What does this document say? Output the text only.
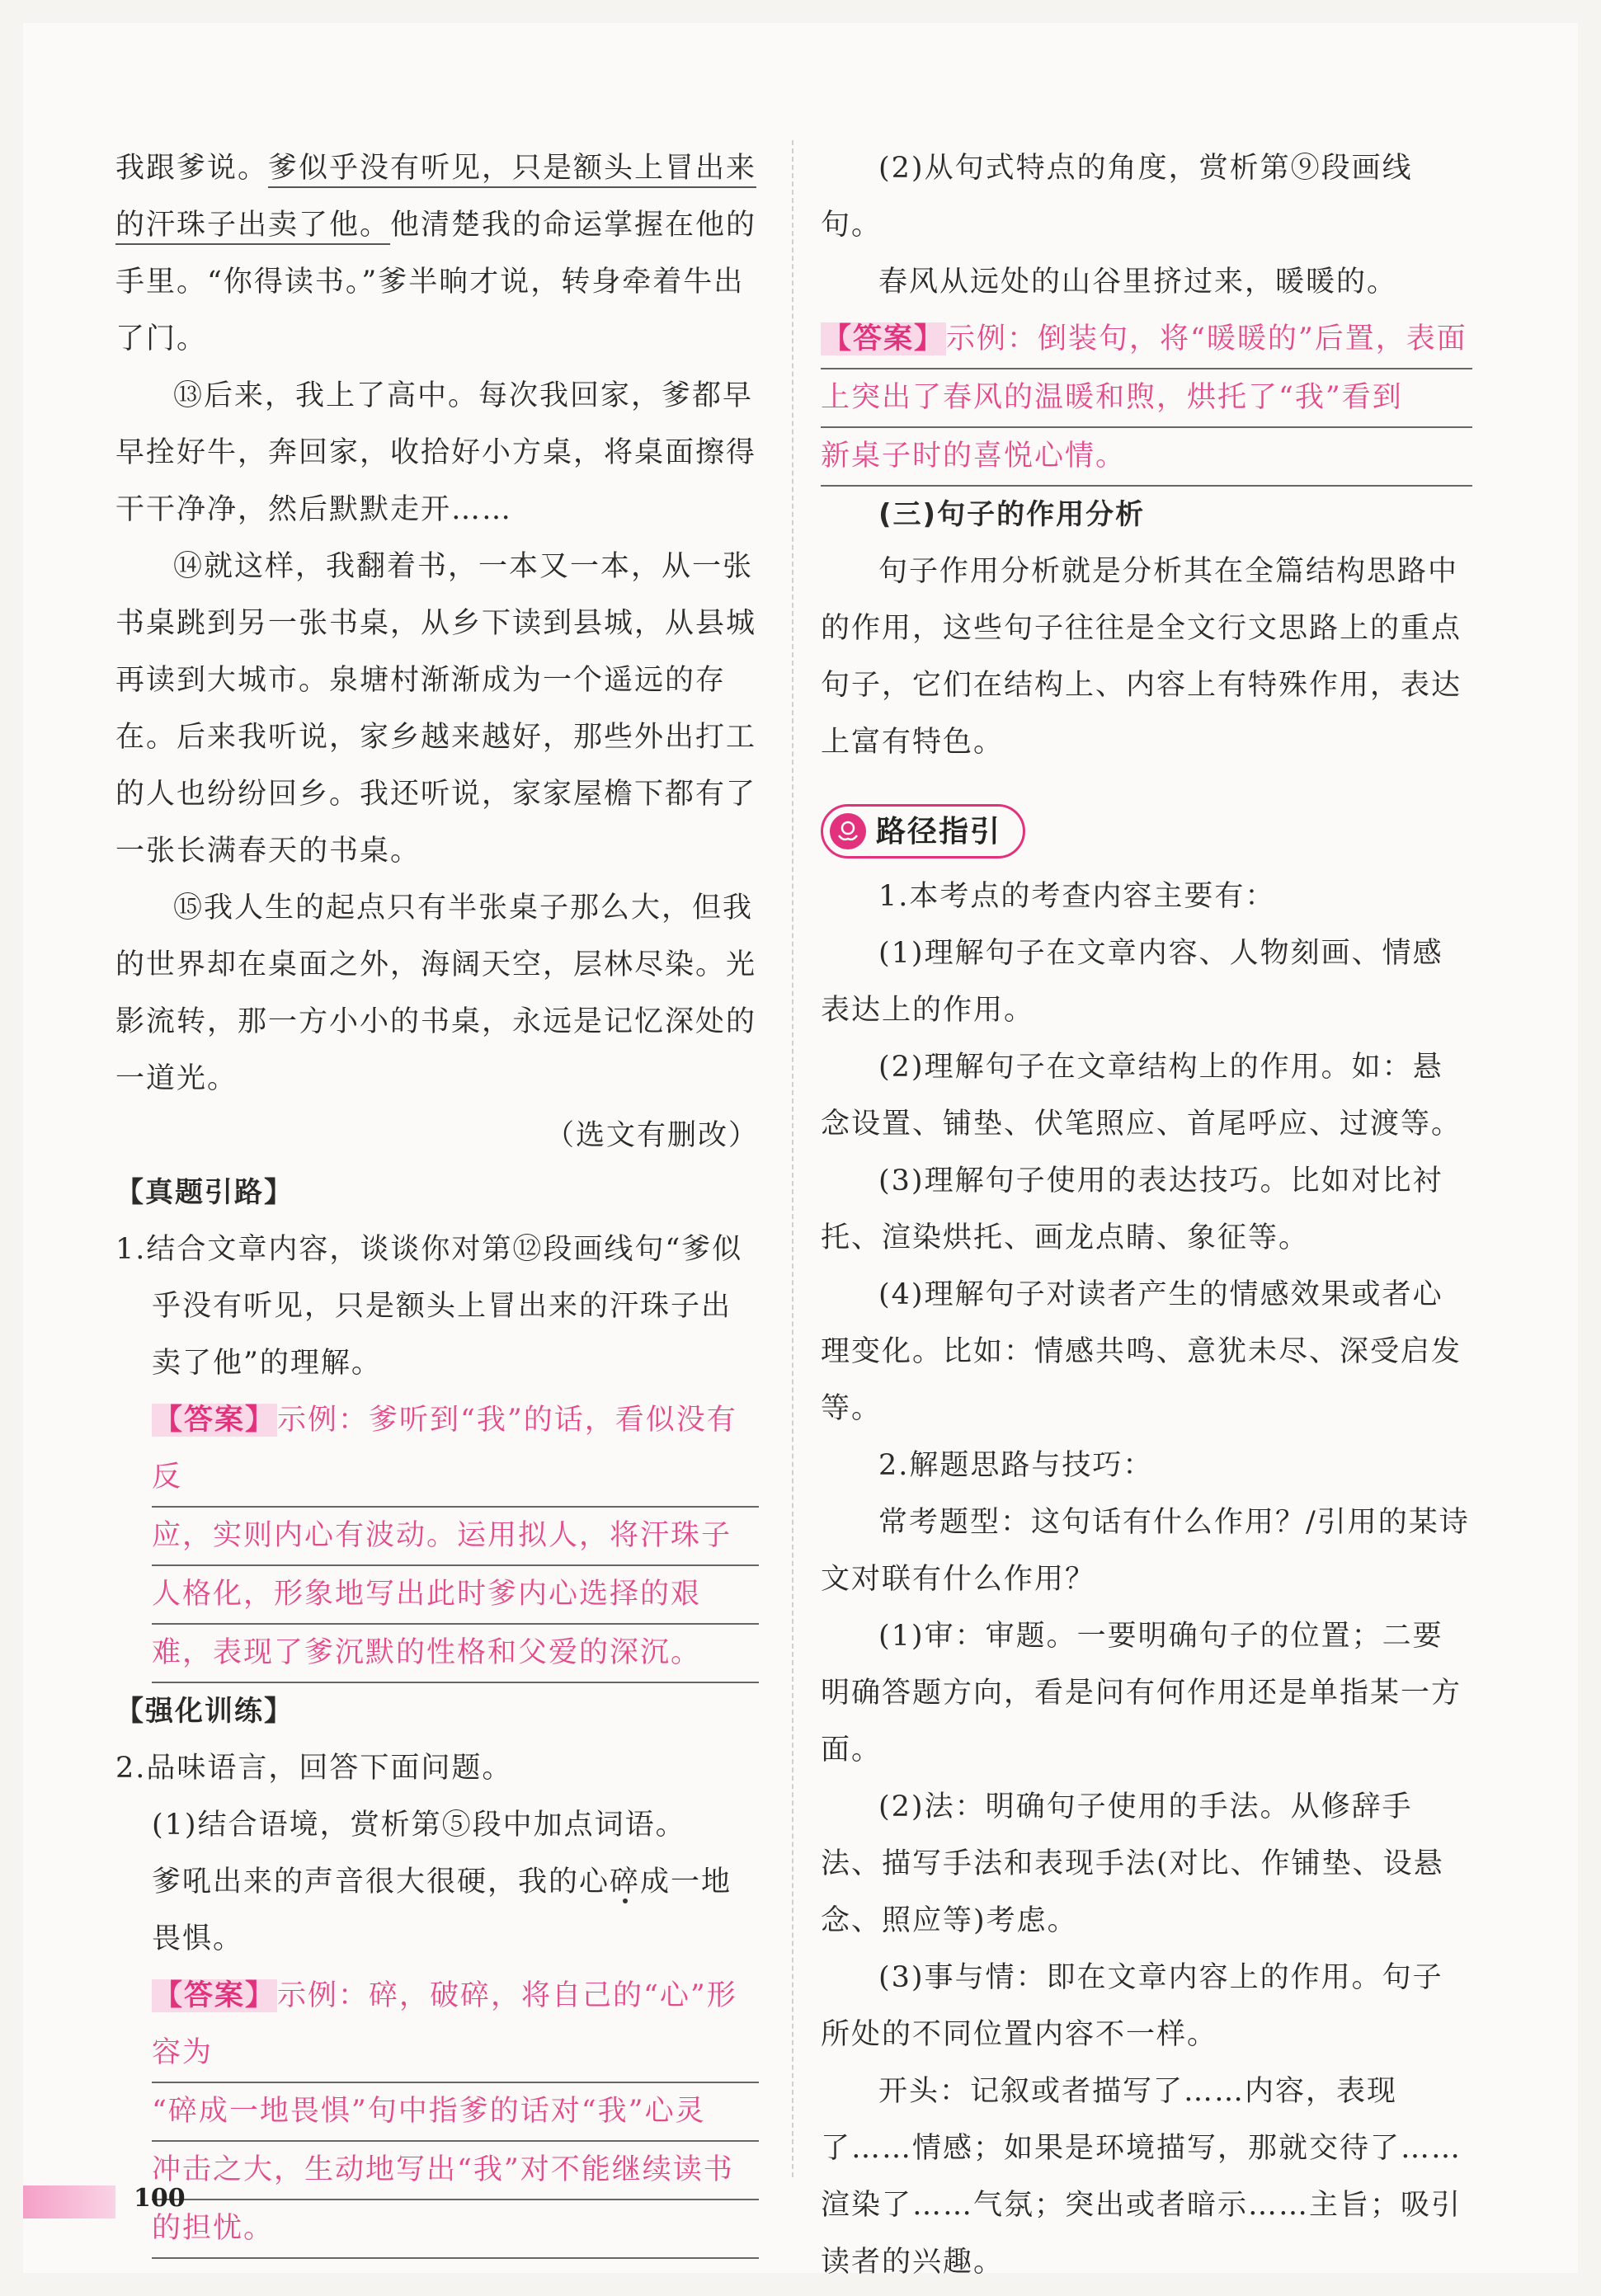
我跟爹说。爹似乎没有听见，只是额头上冒出来的汗珠子出卖了他。他清楚我的命运掌握在他的手里。“你得读书。”爹半晌才说，转身牵着牛出了门。

⑬后来，我上了高中。每次我回家，爹都早早拴好牛，奔回家，收拾好小方桌，将桌面擦得干干净净，然后默默走开……

⑭就这样，我翻着书，一本又一本，从一张书桌跳到另一张书桌，从乡下读到县城，从县城再读到大城市。泉塘村渐渐成为一个遥远的存在。后来我听说，家乡越来越好，那些外出打工的人也纷纷回乡。我还听说，家家屋檐下都有了一张长满春天的书桌。

⑮我人生的起点只有半张桌子那么大，但我的世界却在桌面之外，海阔天空，层林尽染。光影流转，那一方小小的书桌，永远是记忆深处的一道光。

（选文有删改）

【真题引路】

1.结合文章内容，谈谈你对第⑫段画线句“爹似乎没有听见，只是额头上冒出来的汗珠子出卖了他”的理解。

【答案】示例：爹听到“我”的话，看似没有反
应，实则内心有波动。运用拟人，将汗珠子
人格化，形象地写出此时爹内心选择的艰
难，表现了爹沉默的性格和父爱的深沉。

【强化训练】

2.品味语言，回答下面问题。

(1)结合语境，赏析第⑤段中加点词语。

爹吼出来的声音很大很硬，我的心碎成一地畏惧。

【答案】示例：碎，破碎，将自己的“心”形容为
“碎成一地畏惧”句中指爹的话对“我”心灵
冲击之大，生动地写出“我”对不能继续读书
的担忧。

(2)从句式特点的角度，赏析第⑨段画线句。

春风从远处的山谷里挤过来，暖暖的。

【答案】示例：倒装句，将“暖暖的”后置，表面
上突出了春风的温暖和煦，烘托了“我”看到
新桌子时的喜悦心情。

(三)句子的作用分析

句子作用分析就是分析其在全篇结构思路中的作用，这些句子往往是全文行文思路上的重点句子，它们在结构上、内容上有特殊作用，表达上富有特色。

路径指引

1.本考点的考查内容主要有：

(1)理解句子在文章内容、人物刻画、情感表达上的作用。

(2)理解句子在文章结构上的作用。如：悬念设置、铺垫、伏笔照应、首尾呼应、过渡等。

(3)理解句子使用的表达技巧。比如对比衬托、渲染烘托、画龙点睛、象征等。

(4)理解句子对读者产生的情感效果或者心理变化。比如：情感共鸣、意犹未尽、深受启发等。

2.解题思路与技巧：

常考题型：这句话有什么作用？/引用的某诗文对联有什么作用？

(1)审：审题。一要明确句子的位置；二要明确答题方向，看是问有何作用还是单指某一方面。

(2)法：明确句子使用的手法。从修辞手法、描写手法和表现手法(对比、作铺垫、设悬念、照应等)考虑。

(3)事与情：即在文章内容上的作用。句子所处的不同位置内容不一样。

开头：记叙或者描写了……内容，表现了……情感；如果是环境描写，那就交待了……渲染了……气氛；突出或者暗示……主旨；吸引读者的兴趣。

100
